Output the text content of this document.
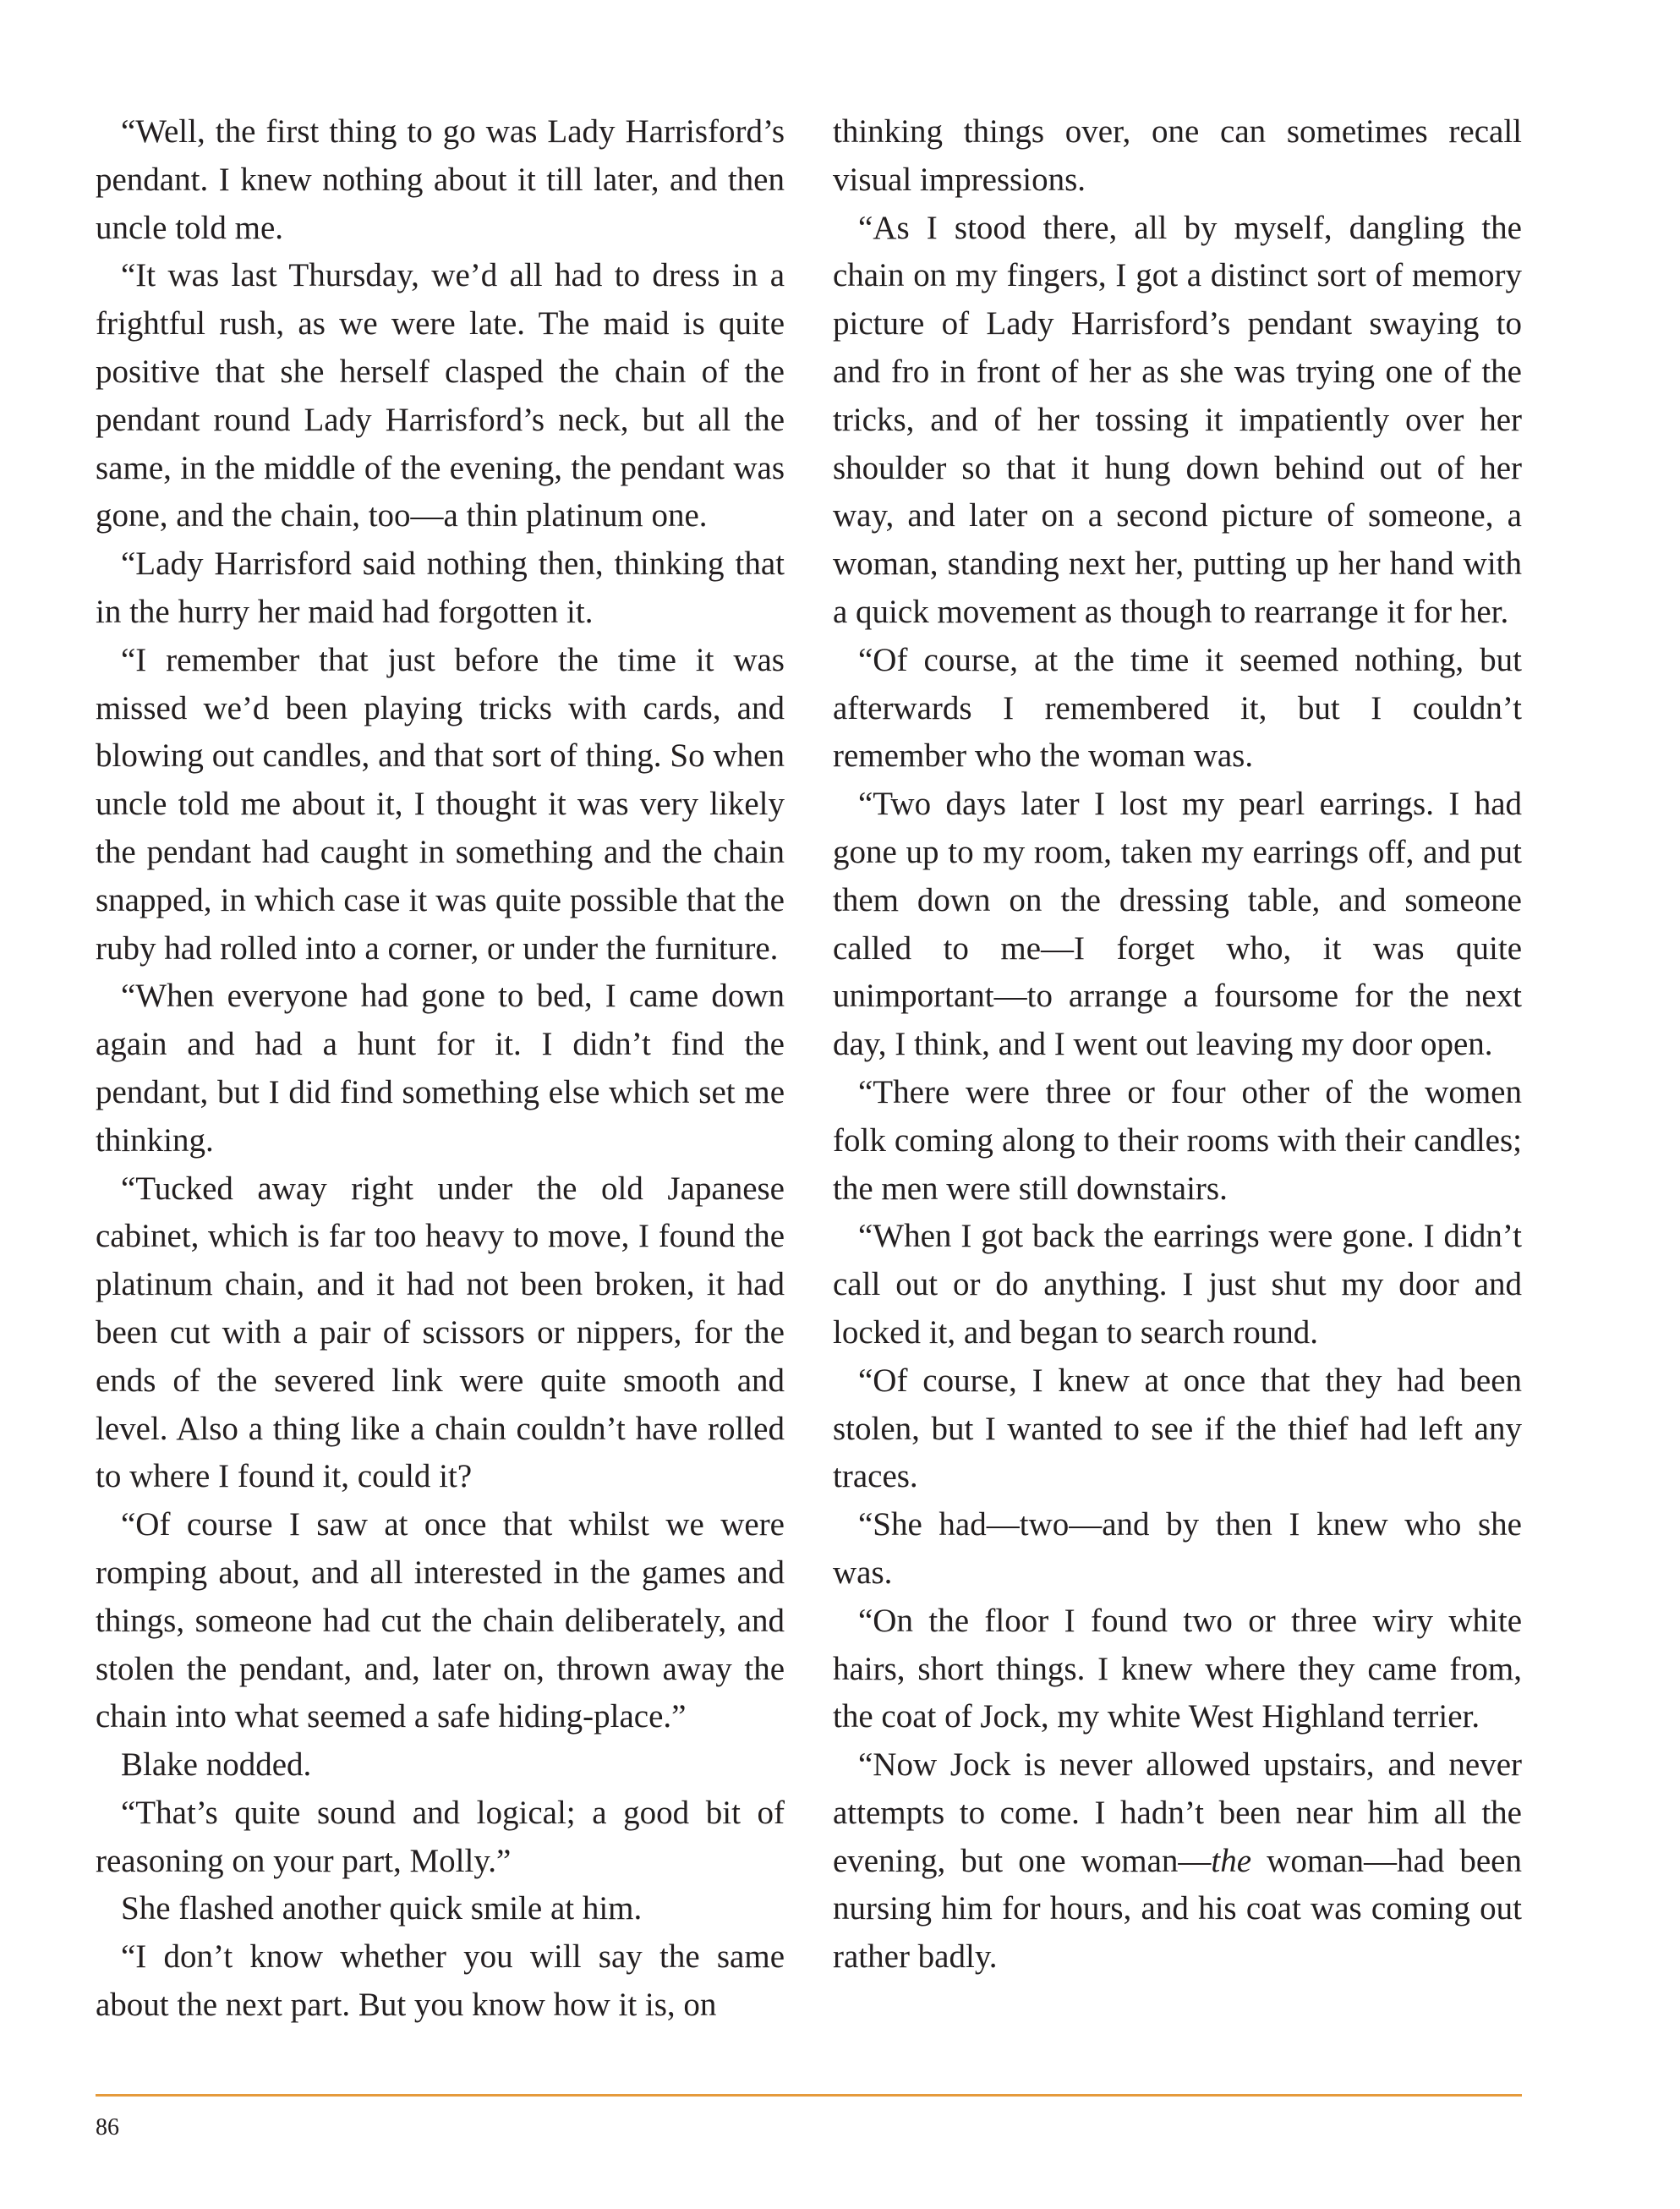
“Well, the first thing to go was Lady Harrisford’s pendant. I knew nothing about it till later, and then uncle told me.

“It was last Thursday, we’d all had to dress in a frightful rush, as we were late. The maid is quite positive that she herself clasped the chain of the pendant round Lady Harrisford’s neck, but all the same, in the middle of the evening, the pendant was gone, and the chain, too—a thin platinum one.

“Lady Harrisford said nothing then, thinking that in the hurry her maid had forgotten it.

“I remember that just before the time it was missed we’d been playing tricks with cards, and blowing out candles, and that sort of thing. So when uncle told me about it, I thought it was very likely the pendant had caught in something and the chain snapped, in which case it was quite possible that the ruby had rolled into a corner, or under the furniture.

“When everyone had gone to bed, I came down again and had a hunt for it. I didn’t find the pendant, but I did find something else which set me thinking.

“Tucked away right under the old Japanese cabinet, which is far too heavy to move, I found the platinum chain, and it had not been broken, it had been cut with a pair of scissors or nippers, for the ends of the severed link were quite smooth and level. Also a thing like a chain couldn’t have rolled to where I found it, could it?

“Of course I saw at once that whilst we were romping about, and all interested in the games and things, someone had cut the chain deliberately, and stolen the pendant, and, later on, thrown away the chain into what seemed a safe hiding-place.”

Blake nodded.

“That’s quite sound and logical; a good bit of reasoning on your part, Molly.”

She flashed another quick smile at him.

“I don’t know whether you will say the same about the next part. But you know how it is, on

thinking things over, one can sometimes recall visual impressions.

“As I stood there, all by myself, dangling the chain on my fingers, I got a distinct sort of memory picture of Lady Harrisford’s pendant swaying to and fro in front of her as she was trying one of the tricks, and of her tossing it impatiently over her shoulder so that it hung down behind out of her way, and later on a second picture of someone, a woman, standing next her, putting up her hand with a quick movement as though to rearrange it for her.

“Of course, at the time it seemed nothing, but afterwards I remembered it, but I couldn’t remember who the woman was.

“Two days later I lost my pearl earrings. I had gone up to my room, taken my earrings off, and put them down on the dressing table, and someone called to me—I forget who, it was quite unimportant—to arrange a foursome for the next day, I think, and I went out leaving my door open.

“There were three or four other of the women folk coming along to their rooms with their candles; the men were still downstairs.

“When I got back the earrings were gone. I didn’t call out or do anything. I just shut my door and locked it, and began to search round.

“Of course, I knew at once that they had been stolen, but I wanted to see if the thief had left any traces.

“She had—two—and by then I knew who she was.

“On the floor I found two or three wiry white hairs, short things. I knew where they came from, the coat of Jock, my white West Highland terrier.

“Now Jock is never allowed upstairs, and never attempts to come. I hadn’t been near him all the evening, but one woman—the woman—had been nursing him for hours, and his coat was coming out rather badly.

86
